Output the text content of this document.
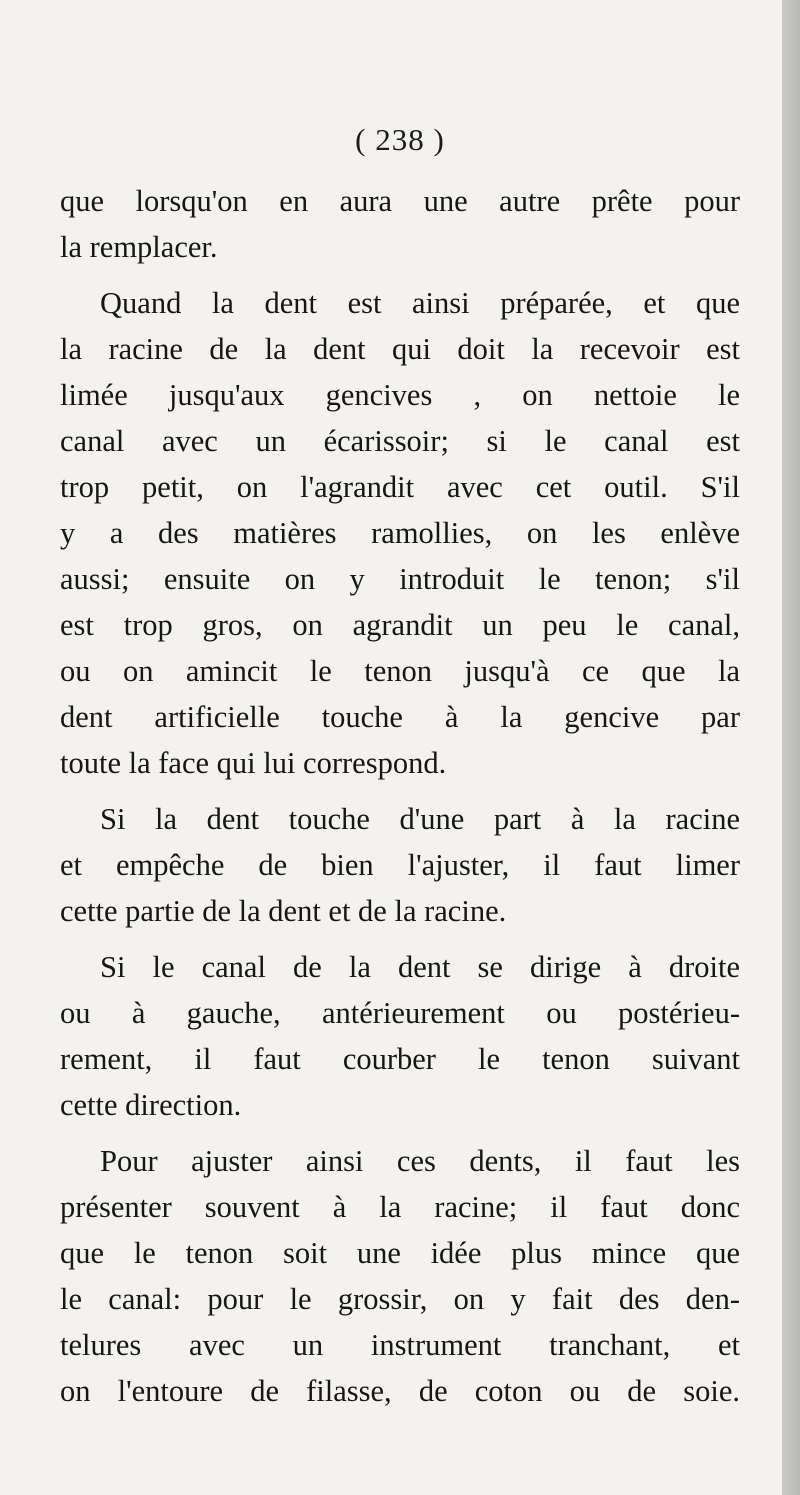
( 238 )
que lorsqu'on en aura une autre prête pour
la remplacer.
Quand la dent est ainsi préparée, et que
la racine de la dent qui doit la recevoir est
limée jusqu'aux gencives , on nettoie le
canal avec un écarissoir; si le canal est
trop petit, on l'agrandit avec cet outil. S'il
y a des matières ramollies, on les enlève
aussi; ensuite on y introduit le tenon; s'il
est trop gros, on agrandit un peu le canal,
ou on amincit le tenon jusqu'à ce que la
dent artificielle touche à la gencive par
toute la face qui lui correspond.
Si la dent touche d'une part à la racine
et empêche de bien l'ajuster, il faut limer
cette partie de la dent et de la racine.
Si le canal de la dent se dirige à droite
ou à gauche, antérieurement ou postérieu-
rement, il faut courber le tenon suivant
cette direction.
Pour ajuster ainsi ces dents, il faut les
présenter souvent à la racine; il faut donc
que le tenon soit une idée plus mince que
le canal: pour le grossir, on y fait des den-
telures avec un instrument tranchant, et
on l'entoure de filasse, de coton ou de soie.
